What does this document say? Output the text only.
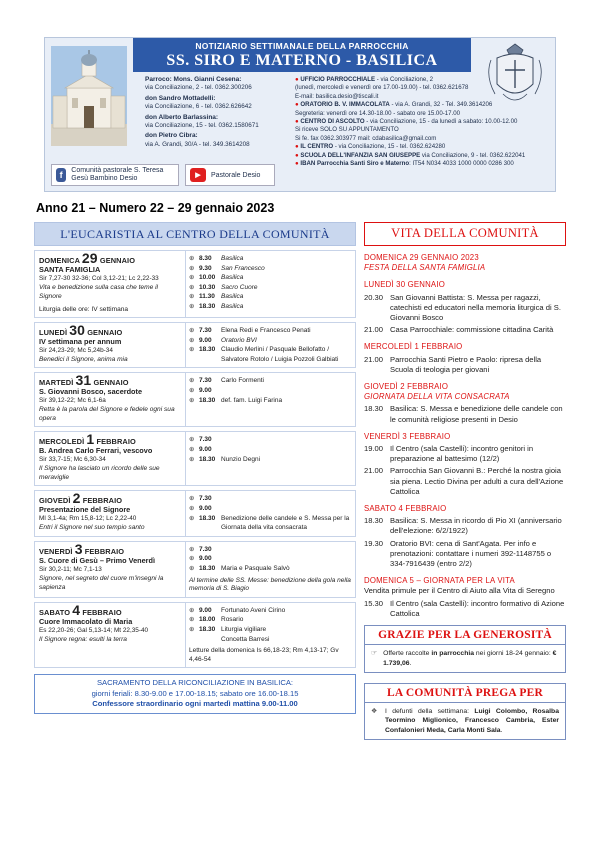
NOTIZIARIO SETTIMANALE DELLA PARROCCHIA
SS. SIRO E MATERNO - BASILICA
Parroco: Mons. Gianni Cesena:
via Conciliazione, 2 - tel. 0362.300206
don Sandro Mottadelli:
via Conciliazione, 6 - tel. 0362.626642
don Alberto Barlassina:
via Conciliazione, 15 - tel. 0362.1580671
don Pietro Cibra:
via A. Grandi, 30/A - tel. 349.3614208
● UFFICIO PARROCCHIALE - via Conciliazione, 2
(lunedì, mercoledì e venerdì ore 17.00-19.00) - tel. 0362.621678
E-mail: basilica.desio@tiscali.it
● ORATORIO B. V. IMMACOLATA - via A. Grandi, 32 - Tel. 349.3614206
Segreteria: venerdì ore 14.30-18.00 - sabato ore 15.00-17.00
● CENTRO DI ASCOLTO - via Conciliazione, 15 - da lunedì a sabato: 10.00-12.00
Si riceve SOLO SU APPUNTAMENTO
Si fe. fax 0362.303977 mail: cdabasilica@gmail.com
● IL CENTRO - via Conciliazione, 15 - tel. 0362.624280
● SCUOLA DELL'INFANZIA SAN GIUSEPPE via Conciliazione, 9 - tel. 0362.622041
● IBAN Parrocchia Santi Siro e Materno: IT54 N034 4033 1000 0000 0286 300
f	Comunità pastorale S. Teresa Gesù Bambino Desio	▶	Pastorale Desio
Anno 21 – Numero 22 – 29 gennaio 2023
L'EUCARISTIA AL CENTRO DELLA COMUNITÀ
DOMENICA 29 GENNAIO
SANTA FAMIGLIA
Sir 7,27-30 32-36; Col 3,12-21; Lc 2,22-33
Vita e benedizione sulla casa che teme il Signore
Liturgia delle ore: IV settimana
⊕ 8.30	Basilica
⊕ 9.30	San Francesco
⊕ 10.00 Basilica
⊕ 10.30 Sacro Cuore
⊕ 11.30 Basilica
⊕ 18.30 Basilica
LUNEDÌ 30 GENNAIO
IV settimana per annum
Sir 24,23-29; Mc 5,24b-34
Benedici il Signore, anima mia
⊕ 7.30	Elena Redi e Francesco Penati
⊕ 9.00	Oratorio BVI
⊕ 18.30 Claudio Merlini / Pasquale Bellofatto / Salvatore Rotolo / Luigia Pozzoli Galbiati
MARTEDÌ 31 GENNAIO
S. Giovanni Bosco, sacerdote
Sir 39,12-22; Mc 6,1-6a
Retta è la parola del Signore e fedele ogni sua opera
⊕ 7.30	Carlo Formenti
⊕ 9.00
⊕ 18.30 def. fam. Luigi Farina
MERCOLEDÌ 1 FEBBRAIO
B. Andrea Carlo Ferrari, vescovo
Sir 33,7-15; Mc 6,30-34
Il Signore ha lasciato un ricordo delle sue meraviglie
⊕ 7.30
⊕ 9.00
⊕ 18.30 Nunzio Degni
GIOVEDÌ 2 FEBBRAIO
Presentazione del Signore
Ml 3,1-4a; Rm 15,8-12; Lc 2,22-40
Entri il Signore nel suo tempio santo
⊕ 7.30
⊕ 9.00
⊕ 18.30 Benedizione delle candele e S. Messa per la Giornata della vita consacrata
VENERDÌ 3 FEBBRAIO
S. Cuore di Gesù – Primo Venerdì
Sir 30,2-11; Mc 7,1-13
Signore, nel segreto del cuore m'insegni la sapienza
⊕ 7.30
⊕ 9.00
⊕ 18.30 Maria e Pasquale Salvò
Al termine delle SS. Messe: benedizione della gola nella memoria di S. Biagio
SABATO 4 FEBBRAIO
Cuore Immacolato di Maria
Es 22,20-26; Gal 5,13-14; Mt 22,35-40
Il Signore regna: esulti la terra
⊕ 9.00	Fortunato Aveni Cirino
⊕ 18.00 Rosario
⊕ 18.30 Liturgia vigiliare
Concetta Barresi
Letture della domenica Is 66,18-23; Rm 4,13-17; Gv 4,46-54
SACRAMENTO DELLA RICONCILIAZIONE IN BASILICA:
giorni feriali: 8.30-9.00 e 17.00-18.15; sabato ore 16.00-18.15
Confessore straordinario ogni martedì mattina 9.00-11.00
VITA DELLA COMUNITÀ
DOMENICA 29 GENNAIO 2023
FESTA DELLA SANTA FAMIGLIA
LUNEDÌ 30 GENNAIO
20.30 San Giovanni Battista: S. Messa per ragazzi, catechisti ed educatori nella memoria liturgica di S. Giovanni Bosco
21.00 Casa Parrocchiale: commissione cittadina Carità
MERCOLEDÌ 1 FEBBRAIO
21.00 Parrocchia Santi Pietro e Paolo: ripresa della Scuola di teologia per giovani
GIOVEDÌ 2 FEBBRAIO
GIORNATA DELLA VITA CONSACRATA
18.30 Basilica: S. Messa e benedizione delle candele con le comunità religiose presenti in Desio
VENERDÌ 3 FEBBRAIO
19.00 Il Centro (sala Castelli): incontro genitori in preparazione al battesimo (12/2)
21.00 Parrocchia San Giovanni B.: Perché la nostra gioia sia piena. Lectio Divina per adulti a cura dell'Azione Cattolica
SABATO 4 FEBBRAIO
18.30 Basilica: S. Messa in ricordo di Pio XI (anniversario dell'elezione: 6/2/1922)
19.30 Oratorio BVI: cena di Sant'Agata. Per info e prenotazioni: contattare i numeri 392-1148755 o 334-7916439 (entro 2/2)
DOMENICA 5 – GIORNATA PER LA VITA
Vendita primule per il Centro di Aiuto alla Vita di Seregno
15.30 Il Centro (sala Castelli): incontro formativo di Azione Cattolica
GRAZIE PER LA GENEROSITÀ
☞ Offerte raccolte in parrocchia nei giorni 18-24 gennaio: € 1.739,06.
LA COMUNITÀ PREGA PER
❖	I defunti della settimana: Luigi Colombo, Rosalba Teormino Miglionico, Francesco Cambria, Ester Confalonieri Meda, Carla Monti Sala.
